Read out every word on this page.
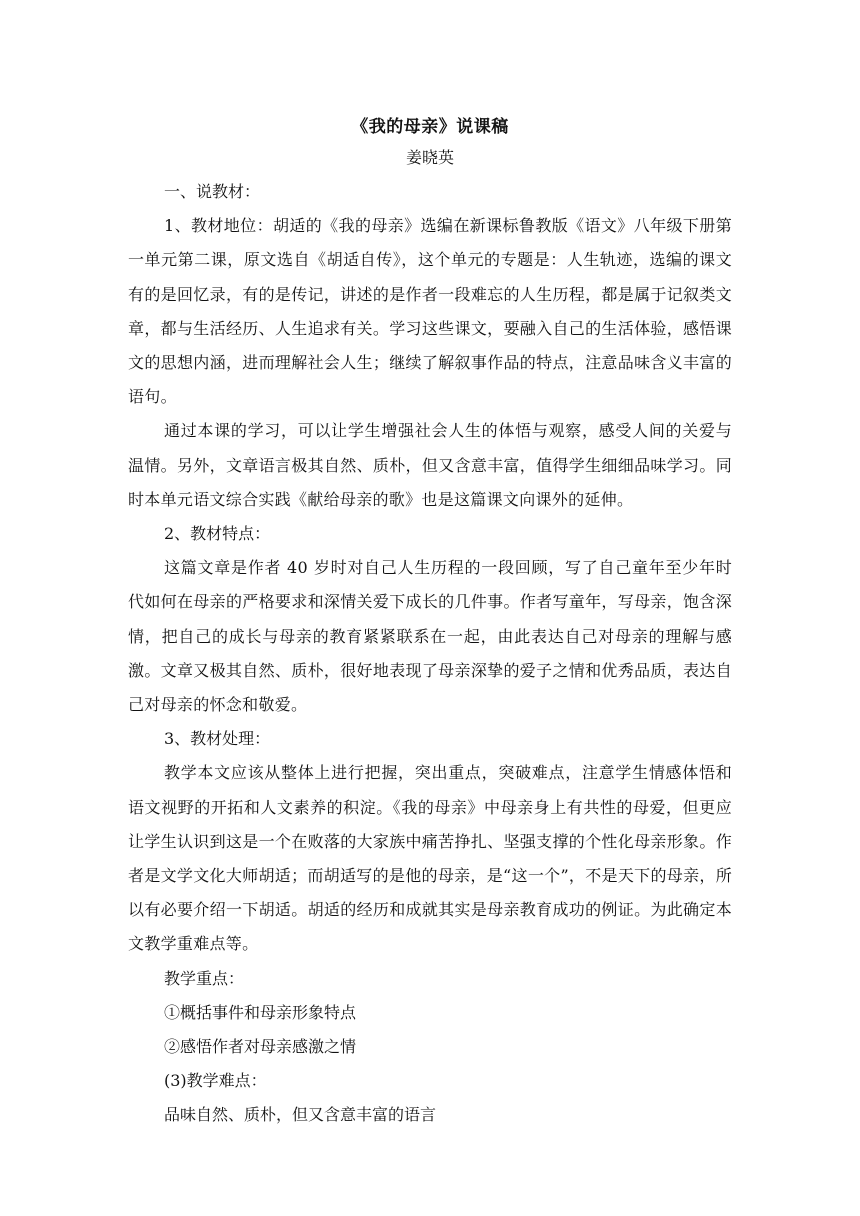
《我的母亲》说课稿
姜晓英

一、说教材：

1、教材地位：胡适的《我的母亲》选编在新课标鲁教版《语文》八年级下册第一单元第二课，原文选自《胡适自传》，这个单元的专题是：人生轨迹，选编的课文有的是回忆录，有的是传记，讲述的是作者一段难忘的人生历程，都是属于记叙类文章，都与生活经历、人生追求有关。学习这些课文，要融入自己的生活体验，感悟课文的思想内涵，进而理解社会人生；继续了解叙事作品的特点，注意品味含义丰富的语句。

通过本课的学习，可以让学生增强社会人生的体悟与观察，感受人间的关爱与温情。另外，文章语言极其自然、质朴，但又含意丰富，值得学生细细品味学习。同时本单元语文综合实践《献给母亲的歌》也是这篇课文向课外的延伸。

2、教材特点：

这篇文章是作者 40 岁时对自己人生历程的一段回顾，写了自己童年至少年时代如何在母亲的严格要求和深情关爱下成长的几件事。作者写童年，写母亲，饱含深情，把自己的成长与母亲的教育紧紧联系在一起，由此表达自己对母亲的理解与感激。文章又极其自然、质朴，很好地表现了母亲深挚的爱子之情和优秀品质，表达自己对母亲的怀念和敬爱。

3、教材处理：

教学本文应该从整体上进行把握，突出重点，突破难点，注意学生情感体悟和语文视野的开拓和人文素养的积淀。《我的母亲》中母亲身上有共性的母爱，但更应让学生认识到这是一个在败落的大家族中痛苦挣扎、坚强支撑的个性化母亲形象。作者是文学文化大师胡适；而胡适写的是他的母亲，是“这一个”，不是天下的母亲，所以有必要介绍一下胡适。胡适的经历和成就其实是母亲教育成功的例证。为此确定本文教学重难点等。

教学重点：

①概括事件和母亲形象特点

②感悟作者对母亲感激之情

(3)教学难点：

品味自然、质朴，但又含意丰富的语言
